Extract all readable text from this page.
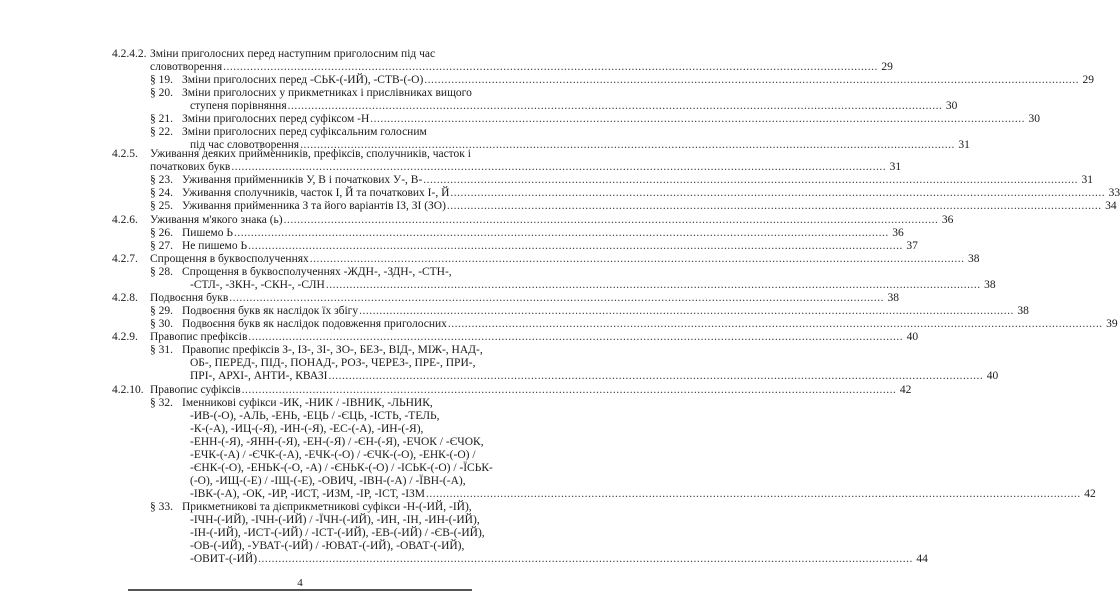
4.2.4.2. Зміни приголосних перед наступним приголосним під час
словотворення .....	29
§ 19. Зміни приголосних перед -СЬК-(-ИЙ), -СТВ-(-О) .....	29
§ 20. Зміни приголосних у прикметниках і прислівниках вищого
ступеня порівняння .....	30
§ 21. Зміни приголосних перед суфіксом -Н .....	30
§ 22. Зміни приголосних перед суфіксальним голосним
під час словотворення .....	31
4.2.5.	Уживання деяких прийменників, префіксів, сполучників, часток і
початкових букв .....	31
§ 23. Уживання прийменників У, В і початкових У-, В- .....	31
§ 24. Уживання сполучників, часток І, Й та початкових І-, Й .....	33
§ 25. Уживання прийменника З та його варіантів ІЗ, ЗІ (ЗО) .....	34
4.2.6.	Уживання м'якого знака (ь) .....	36
§ 26. Пишемо Ь .....	36
§ 27. Не пишемо Ь .....	37
4.2.7.	Спрощення в буквосполученнях .....	38
§ 28. Спрощення в буквосполученнях -ЖДН-, -ЗДН-, -СТН-,
-СТЛ-, -ЗКН-, -СКН-, -СЛН .....	38
4.2.8.	Подвоєння букв .....	38
§ 29. Подвоєння букв як наслідок їх збігу .....	38
§ 30. Подвоєння букв як наслідок подовження приголосних .....	39
4.2.9.	Правопис префіксів .....	40
§ 31. Правопис префіксів З-, ІЗ-, ЗІ-, ЗО-, БЕЗ-, ВІД-, МІЖ-, НАД-,
ОБ-, ПЕРЕД-, ПІД-, ПОНАД-, РОЗ-, ЧЕРЕЗ-, ПРЕ-, ПРИ-,
ПРІ-, АРХІ-, АНТИ-, КВАЗІ .....	40
4.2.10. Правопис суфіксів .....	42
§ 32. Іменникові суфікси -ИК, -НИК / -ІВНИК, -ЛЬНИК,
-ИВ-(-О), -АЛЬ, -ЕНЬ, -ЕЦЬ / -ЄЦЬ, -ІСТЬ, -ТЕЛЬ,
-К-(-А), -ИЦ-(-Я), -ИН-(-Я), -ЕС-(-А), -ИН-(-Я),
-ЕНН-(-Я), -ЯНН-(-Я), -ЕН-(-Я) / -ЄН-(-Я), -ЕЧОК / -ЄЧОК,
-ЕЧК-(-А) / -ЄЧК-(-А), -ЕЧК-(-О) / -ЄЧК-(-О), -ЕНК-(-О) /
-ЄНК-(-О), -ЕНЬК-(-О, -А) / -ЄНЬК-(-О) / -ІСЬК-(-О) / -ЇСЬК-
(-О), -ИЩ-(-Е) / -ІЩ-(-Е), -ОВИЧ, -ІВН-(-А) / -ЇВН-(-А),
-ІВК-(-А), -ОК, -ИР, -ИСТ, -ИЗМ, -ІР, -ІСТ, -ІЗМ .....	42
§ 33. Прикметникові та дієприкметникові суфікси -Н-(-ИЙ, -ІЙ),
-ІЧН-(-ИЙ), -ІЧН-(-ИЙ) / -ЇЧН-(-ИЙ), -ИН, -ІН, -ИН-(-ИЙ),
-ІН-(-ИЙ), -ИСТ-(-ИЙ) / -ІСТ-(-ИЙ), -ЕВ-(-ИЙ) / -ЄВ-(-ИЙ),
-ОВ-(-ИЙ), -УВАТ-(-ИЙ) / -ЮВАТ-(-ИЙ), -ОВАТ-(-ИЙ),
-ОВИТ-(-ИЙ) .....	44
4
